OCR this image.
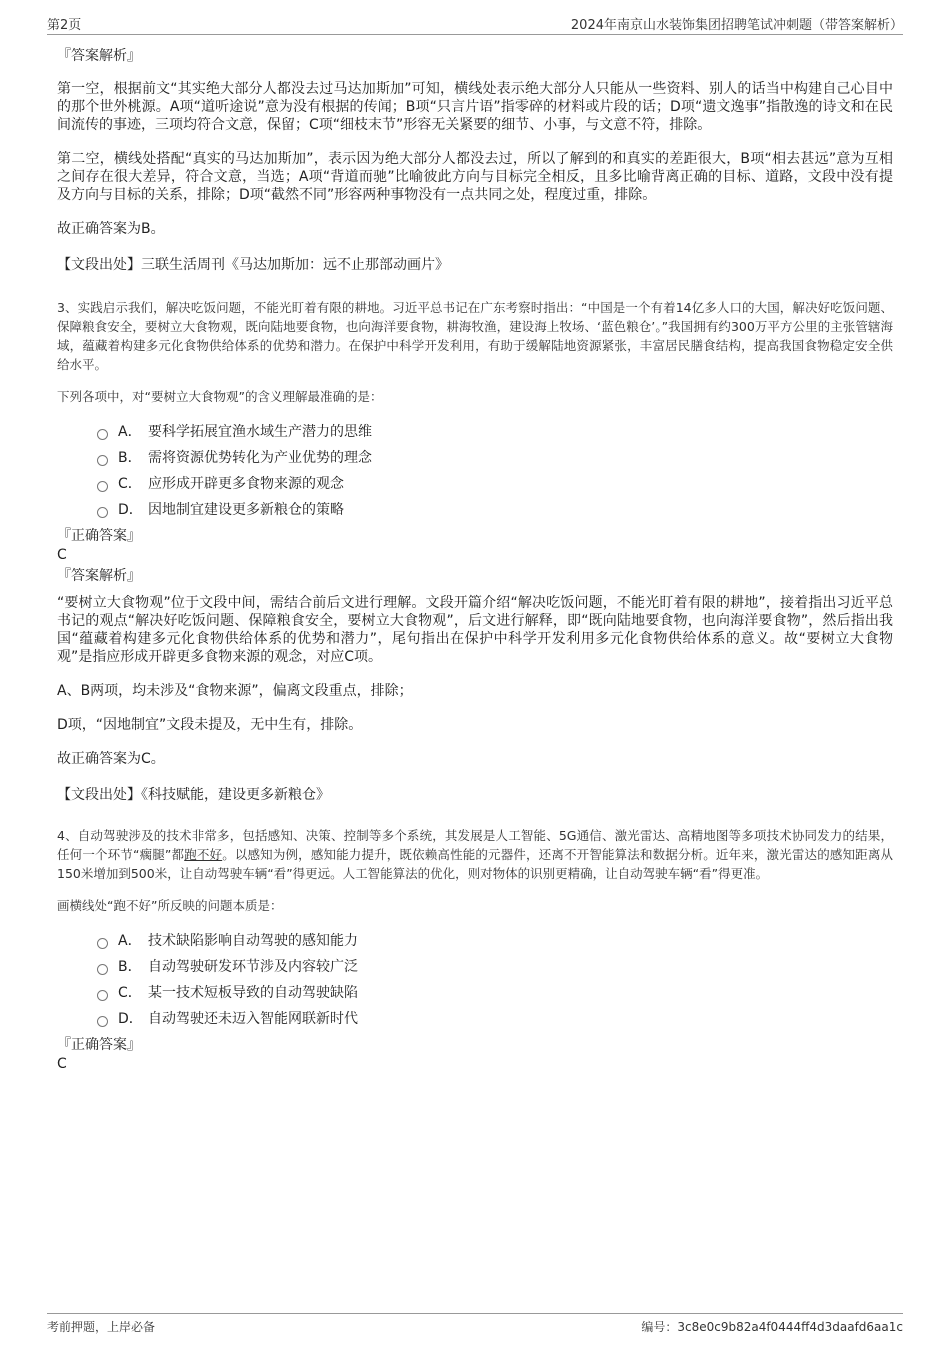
第2页	2024年南京山水装饰集团招聘笔试冲刺题（带答案解析）

『答案解析』

第一空，根据前文“其实绝大部分人都没去过马达加斯加”可知，横线处表示绝大部分人只能从一些资料、别人的话当中构建自己心目中的那个世外桃源。A项“道听途说”意为没有根据的传闻；B项“只言片语”指零碎的材料或片段的话；D项“遗文逸事”指散逸的诗文和在民间流传的事迹，三项均符合文意，保留；C项“细枝末节”形容无关紧要的细节、小事，与文意不符，排除。

第二空，横线处搭配“真实的马达加斯加”，表示因为绝大部分人都没去过，所以了解到的和真实的差距很大，B项“相去甚远”意为互相之间存在很大差异，符合文意，当选；A项“背道而驰”比喻彼此方向与目标完全相反，且多比喻背离正确的目标、道路，文段中没有提及方向与目标的关系，排除；D项“截然不同”形容两种事物没有一点共同之处，程度过重，排除。

故正确答案为B。

【文段出处】三联生活周刊《马达加斯加：远不止那部动画片》

3、实践启示我们，解决吃饭问题，不能光盯着有限的耕地。习近平总书记在广东考察时指出：“中国是一个有着14亿多人口的大国，解决好吃饭问题、保障粮食安全，要树立大食物观，既向陆地要食物，也向海洋要食物，耕海牧渔，建设海上牧场、‘蓝色粮仓’。”我国拥有约300万平方公里的主张管辖海域，蕴藏着构建多元化食物供给体系的优势和潜力。在保护中科学开发利用，有助于缓解陆地资源紧张，丰富居民膳食结构，提高我国食物稳定安全供给水平。

下列各项中，对“要树立大食物观”的含义理解最准确的是：

A． 要科学拓展宜渔水域生产潜力的思维
B． 需将资源优势转化为产业优势的理念
C． 应形成开辟更多食物来源的观念
D． 因地制宜建设更多新粮仓的策略

『正确答案』

C

『答案解析』

“要树立大食物观”位于文段中间，需结合前后文进行理解。文段开篇介绍“解决吃饭问题，不能光盯着有限的耕地”，接着指出习近平总书记的观点“解决好吃饭问题、保障粮食安全，要树立大食物观”，后文进行解释，即“既向陆地要食物，也向海洋要食物”，然后指出我国“蕴藏着构建多元化食物供给体系的优势和潜力”，尾句指出在保护中科学开发利用多元化食物供给体系的意义。故“要树立大食物观”是指应形成开辟更多食物来源的观念，对应C项。

A、B两项，均未涉及“食物来源”，偏离文段重点，排除；

D项，“因地制宜”文段未提及，无中生有，排除。

故正确答案为C。

【文段出处】《科技赋能，建设更多新粮仓》

4、自动驾驶涉及的技术非常多，包括感知、决策、控制等多个系统，其发展是人工智能、5G通信、激光雷达、高精地图等多项技术协同发力的结果，任何一个环节“瘸腿”都跑不好。以感知为例，感知能力提升，既依赖高性能的元器件，还离不开智能算法和数据分析。近年来，激光雷达的感知距离从150米增加到500米，让自动驾驶车辆“看”得更远。人工智能算法的优化，则对物体的识别更精确，让自动驾驶车辆“看”得更准。

画横线处“跑不好”所反映的问题本质是：

A． 技术缺陷影响自动驾驶的感知能力
B． 自动驾驶研发环节涉及内容较广泛
C． 某一技术短板导致的自动驾驶缺陷
D． 自动驾驶还未迈入智能网联新时代

『正确答案』

C

考前押题，上岸必备	编号：3c8e0c9b82a4f0444ff4d3daafd6aa1c
